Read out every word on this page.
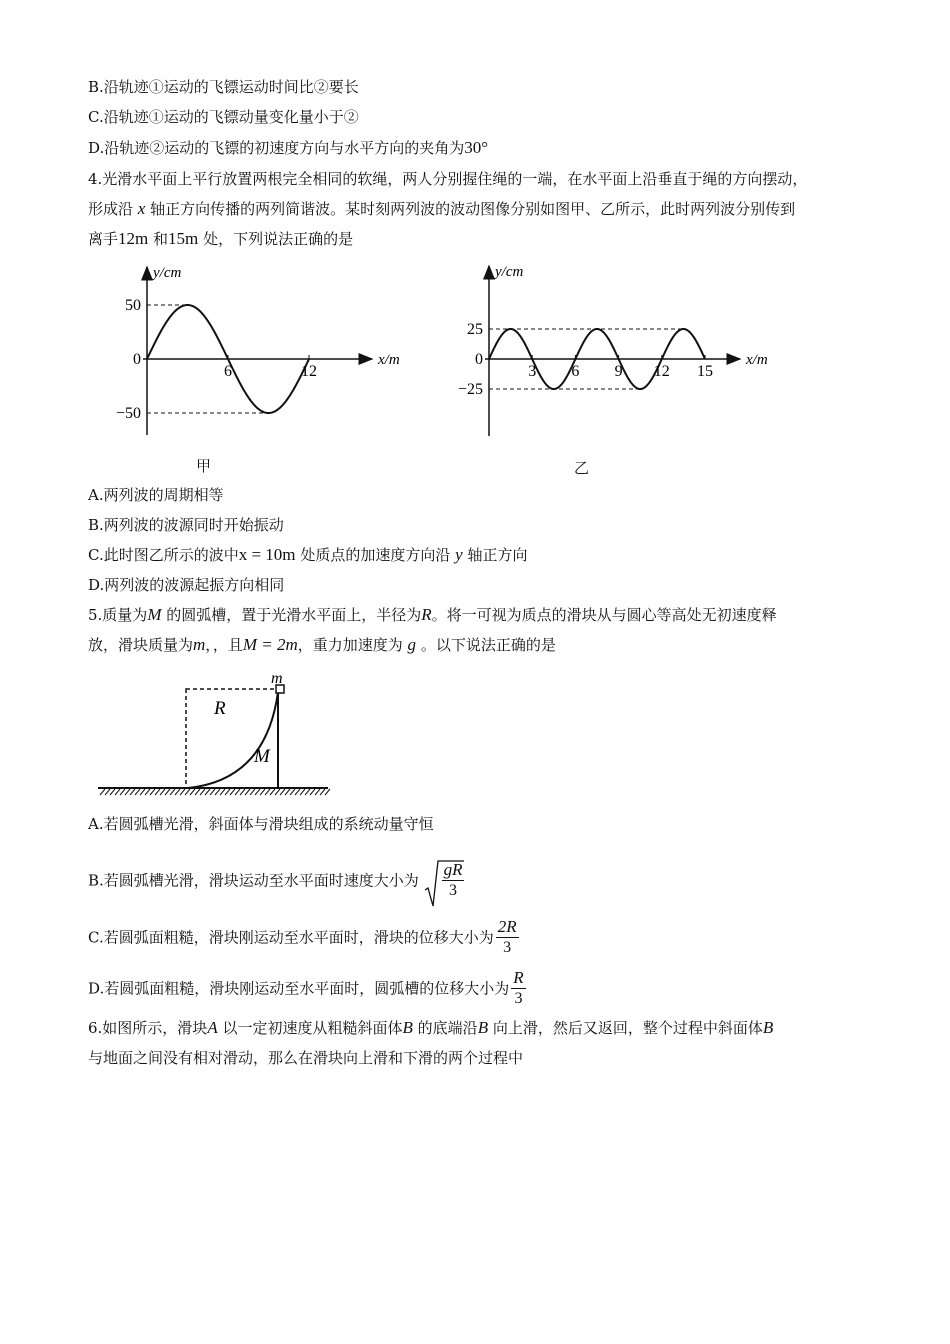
B.沿轨迹①运动的飞镖运动时间比②要长
C.沿轨迹①运动的飞镖动量变化量小于②
D.沿轨迹②运动的飞镖的初速度方向与水平方向的夹角为30°
4.光滑水平面上平行放置两根完全相同的软绳，两人分别握住绳的一端，在水平面上沿垂直于绳的方向摆动，
形成沿 x 轴正方向传播的两列简谐波。某时刻两列波的波动图像分别如图甲、乙所示，此时两列波分别传到
离手12m 和15m 处，下列说法正确的是
6	12
50
0
−50
x/m
y/cm
3 6 9 12 15
25
0
−25
x/m
y/cm
甲	乙
A.两列波的周期相等
B.两列波的波源同时开始振动
C.此时图乙所示的波中x = 10m 处质点的加速度方向沿 y 轴正方向
D.两列波的波源起振方向相同
5.质量为M 的圆弧槽，置于光滑水平面上，半径为R。将一可视为质点的滑块从与圆心等高处无初速度释
放，滑块质量为m，，且M = 2m，重力加速度为 g 。以下说法正确的是
m
R
M
A.若圆弧槽光滑，斜面体与滑块组成的系统动量守恒
B.若圆弧槽光滑，滑块运动至水平面时速度大小为 $\frac{gR}{3}$
C.若圆弧面粗糙，滑块刚运动至水平面时，滑块的位移大小为 $\frac{2R}{3}$
D.若圆弧面粗糙，滑块刚运动至水平面时，圆弧槽的位移大小为 $\frac{R}{3}$
6.如图所示，滑块A 以一定初速度从粗糙斜面体B 的底端沿B 向上滑，然后又返回，整个过程中斜面体B
与地面之间没有相对滑动，那么在滑块向上滑和下滑的两个过程中
